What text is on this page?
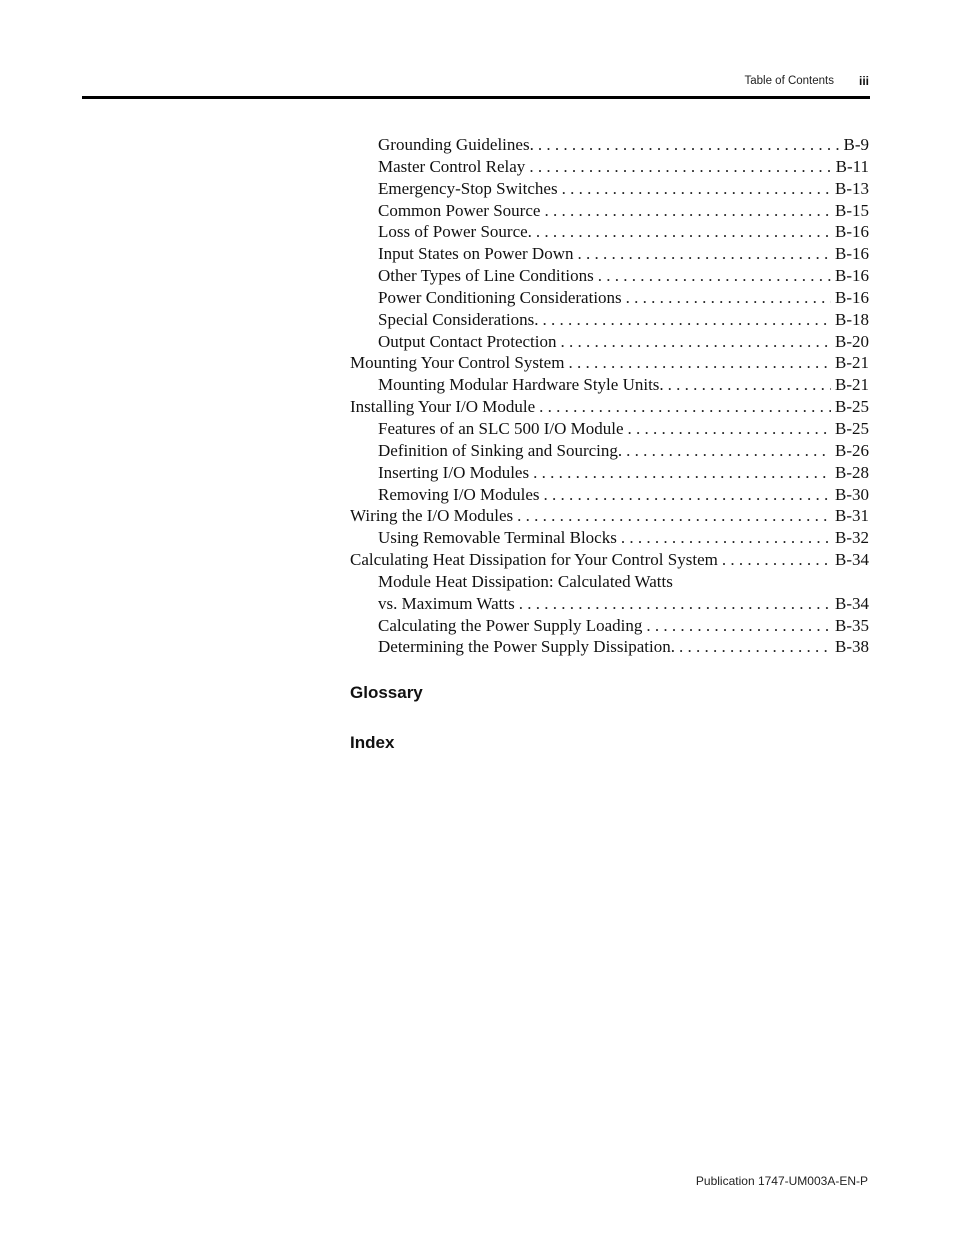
Table of Contents iii
Grounding Guidelines. . . .	B-9
Master Control Relay . . .	B-11
Emergency-Stop Switches . . .	B-13
Common Power Source . . .	B-15
Loss of Power Source. . . .	B-16
Input States on Power Down . . .	B-16
Other Types of Line Conditions . . .	B-16
Power Conditioning Considerations . . .	B-16
Special Considerations. . . .	B-18
Output Contact Protection . . .	B-20
Mounting Your Control System . . .	B-21
Mounting Modular Hardware Style Units. . . .	B-21
Installing Your I/O Module . . .	B-25
Features of an SLC 500 I/O Module . . .	B-25
Definition of Sinking and Sourcing. . . .	B-26
Inserting I/O Modules . . .	B-28
Removing I/O Modules . . .	B-30
Wiring the I/O Modules . . .	B-31
Using Removable Terminal Blocks . . .	B-32
Calculating Heat Dissipation for Your Control System . . .	B-34
Module Heat Dissipation: Calculated Watts
vs. Maximum Watts . . .	B-34
Calculating the Power Supply Loading . . .	B-35
Determining the Power Supply Dissipation. . . .	B-38
Glossary
Index
Publication 1747-UM003A-EN-P
